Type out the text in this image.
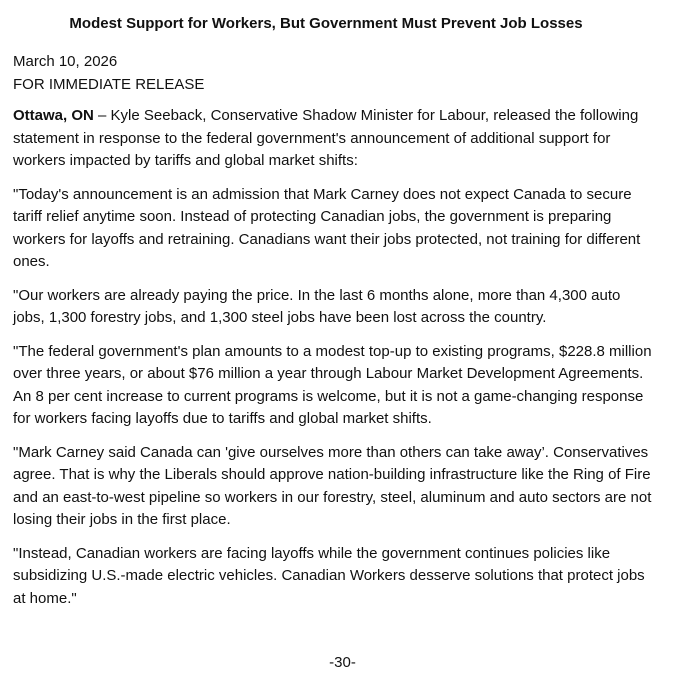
Modest Support for Workers, But Government Must Prevent Job Losses
March 10, 2026
FOR IMMEDIATE RELEASE

Ottawa, ON – Kyle Seeback, Conservative Shadow Minister for Labour, released the following statement in response to the federal government's announcement of additional support for workers impacted by tariffs and global market shifts:

"Today's announcement is an admission that Mark Carney does not expect Canada to secure tariff relief anytime soon. Instead of protecting Canadian jobs, the government is preparing workers for layoffs and retraining. Canadians want their jobs protected, not training for different ones.

"Our workers are already paying the price. In the last 6 months alone, more than 4,300 auto jobs, 1,300 forestry jobs, and 1,300 steel jobs have been lost across the country.

"The federal government's plan amounts to a modest top-up to existing programs, $228.8 million over three years, or about $76 million a year through Labour Market Development Agreements. An 8 per cent increase to current programs is welcome, but it is not a game-changing response for workers facing layoffs due to tariffs and global market shifts.

"Mark Carney said Canada can 'give ourselves more than others can take away’. Conservatives agree. That is why the Liberals should approve nation-building infrastructure like the Ring of Fire and an east-to-west pipeline so workers in our forestry, steel, aluminum and auto sectors are not losing their jobs in the first place.

"Instead, Canadian workers are facing layoffs while the government continues policies like subsidizing U.S.-made electric vehicles. Canadian Workers desserve solutions that protect jobs at home."

-30-
